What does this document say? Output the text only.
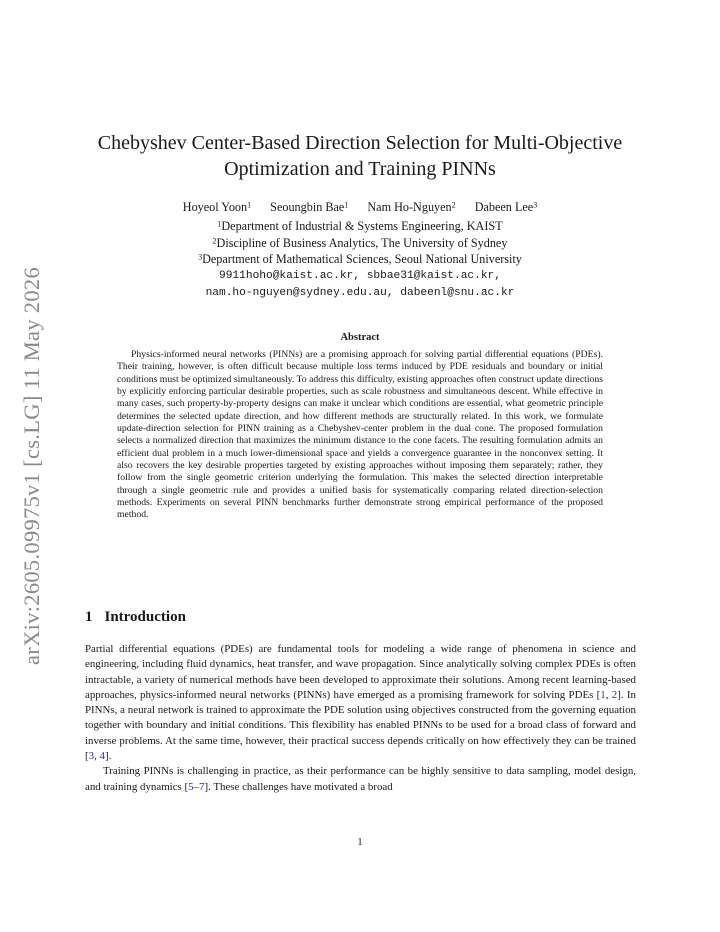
arXiv:2605.09975v1 [cs.LG] 11 May 2026
Chebyshev Center-Based Direction Selection for Multi-Objective
Optimization and Training PINNs
Hoyeol Yoon$^1$ Seoungbin Bae$^1$ Nam Ho-Nguyen$^2$ Dabeen Lee$^3$
$^1$Department of Industrial & Systems Engineering, KAIST
$^2$Discipline of Business Analytics, The University of Sydney
$^3$Department of Mathematical Sciences, Seoul National University
9911hoho@kaist.ac.kr, sbbae31@kaist.ac.kr,
nam.ho-nguyen@sydney.edu.au, dabeenl@snu.ac.kr
Abstract

Physics-informed neural networks (PINNs) are a promising approach for solving partial differential equations (PDEs). Their training, however, is often difficult because multiple loss terms induced by PDE residuals and boundary or initial conditions must be optimized simultaneously. To address this difficulty, existing approaches often construct update directions by explicitly enforcing particular desirable properties, such as scale robustness and simultaneous descent. While effective in many cases, such property-by-property designs can make it unclear which conditions are essential, what geometric principle determines the selected update direction, and how different methods are structurally related. In this work, we formulate update-direction selection for PINN training as a Chebyshev-center problem in the dual cone. The proposed formulation selects a normalized direction that maximizes the minimum distance to the cone facets. The resulting formulation admits an efficient dual problem in a much lower-dimensional space and yields a convergence guarantee in the nonconvex setting. It also recovers the key desirable properties targeted by existing approaches without imposing them separately; rather, they follow from the single geometric criterion underlying the formulation. This makes the selected direction interpretable through a single geometric rule and provides a unified basis for systematically comparing related direction-selection methods. Experiments on several PINN benchmarks further demonstrate strong empirical performance of the proposed method.

1 Introduction

Partial differential equations (PDEs) are fundamental tools for modeling a wide range of phenomena in science and engineering, including fluid dynamics, heat transfer, and wave propagation. Since analytically solving complex PDEs is often intractable, a variety of numerical methods have been developed to approximate their solutions. Among recent learning-based approaches, physics-informed neural networks (PINNs) have emerged as a promising framework for solving PDEs [1, 2]. In PINNs, a neural network is trained to approximate the PDE solution using objectives constructed from the governing equation together with boundary and initial conditions. This flexibility has enabled PINNs to be used for a broad class of forward and inverse problems. At the same time, however, their practical success depends critically on how effectively they can be trained [3, 4].

Training PINNs is challenging in practice, as their performance can be highly sensitive to data sampling, model design, and training dynamics [5–7]. These challenges have motivated a broad

1
